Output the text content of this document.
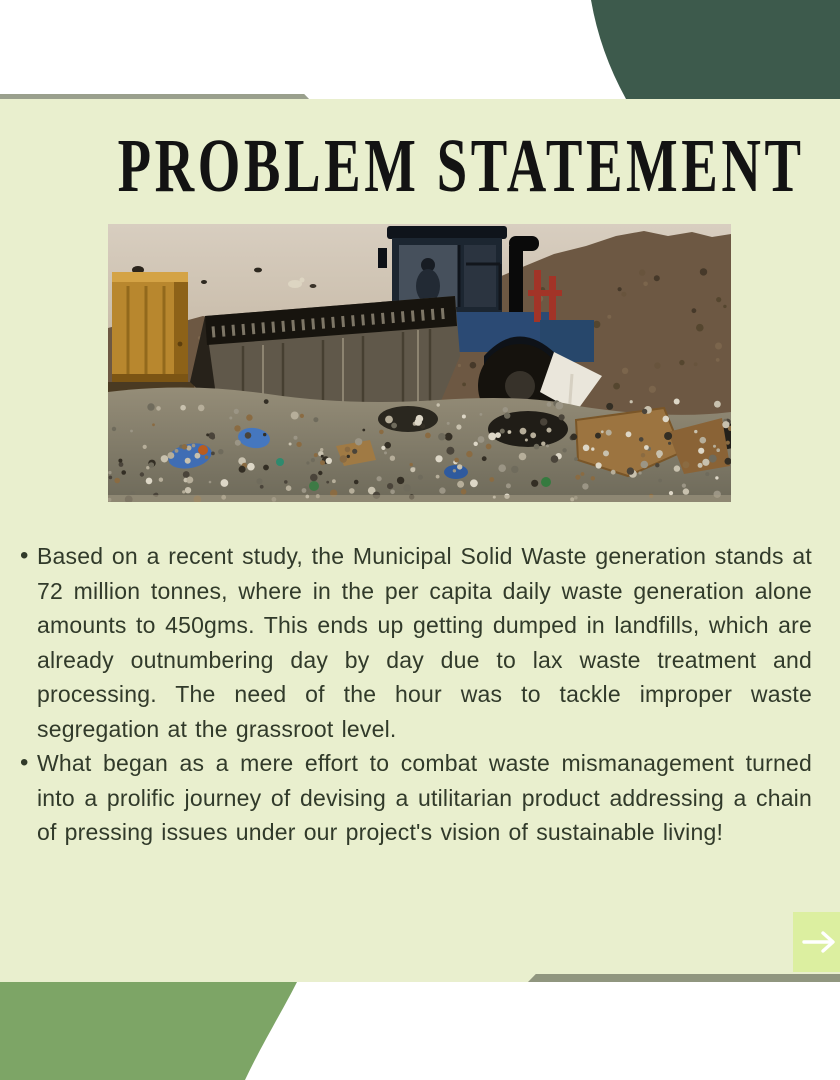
PROBLEM STATEMENT
• Based on a recent study, the Municipal Solid Waste generation stands at 72 million tonnes, where in the per capita daily waste generation alone amounts to 450gms. This ends up getting dumped in landfills, which are already outnumbering day by day due to lax waste treatment and processing. The need of the hour was to tackle improper waste segregation at the grassroot level.
• What began as a mere effort to combat waste mismanagement turned into a prolific journey of devising a utilitarian product addressing a chain of pressing issues under our project's vision of sustainable living!
